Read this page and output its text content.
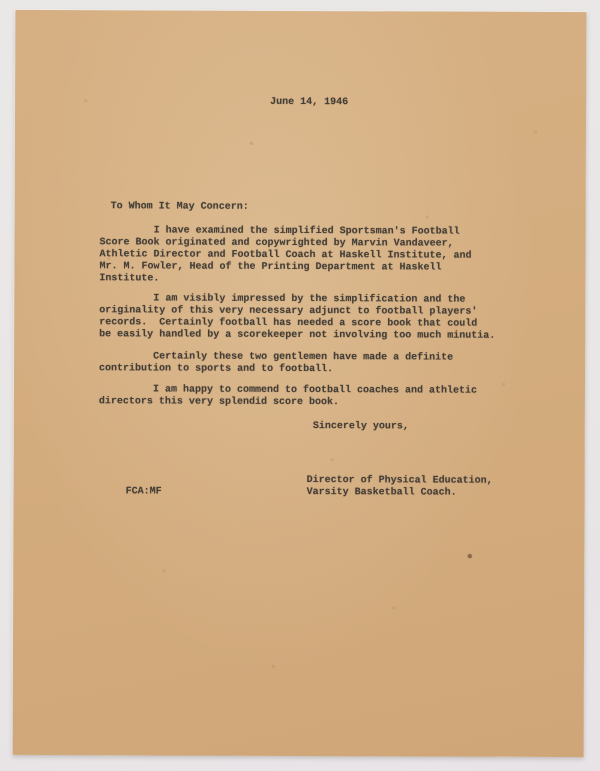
June 14, 1946
To Whom It May Concern:
I have examined the simplified Sportsman's Football
Score Book originated and copywrighted by Marvin Vandaveer,
Athletic Director and Football Coach at Haskell Institute, and
Mr. M. Fowler, Head of the Printing Department at Haskell
Institute.
I am visibly impressed by the simplification and the
originality of this very necessary adjunct to football players'
records.  Certainly football has needed a score book that could
be easily handled by a scorekeeper not involving too much minutia.
Certainly these two gentlemen have made a definite
contribution to sports and to football.
I am happy to commend to football coaches and athletic
directors this very splendid score book.
Sincerely yours,
Director of Physical Education,
Varsity Basketball Coach.
FCA:MF
